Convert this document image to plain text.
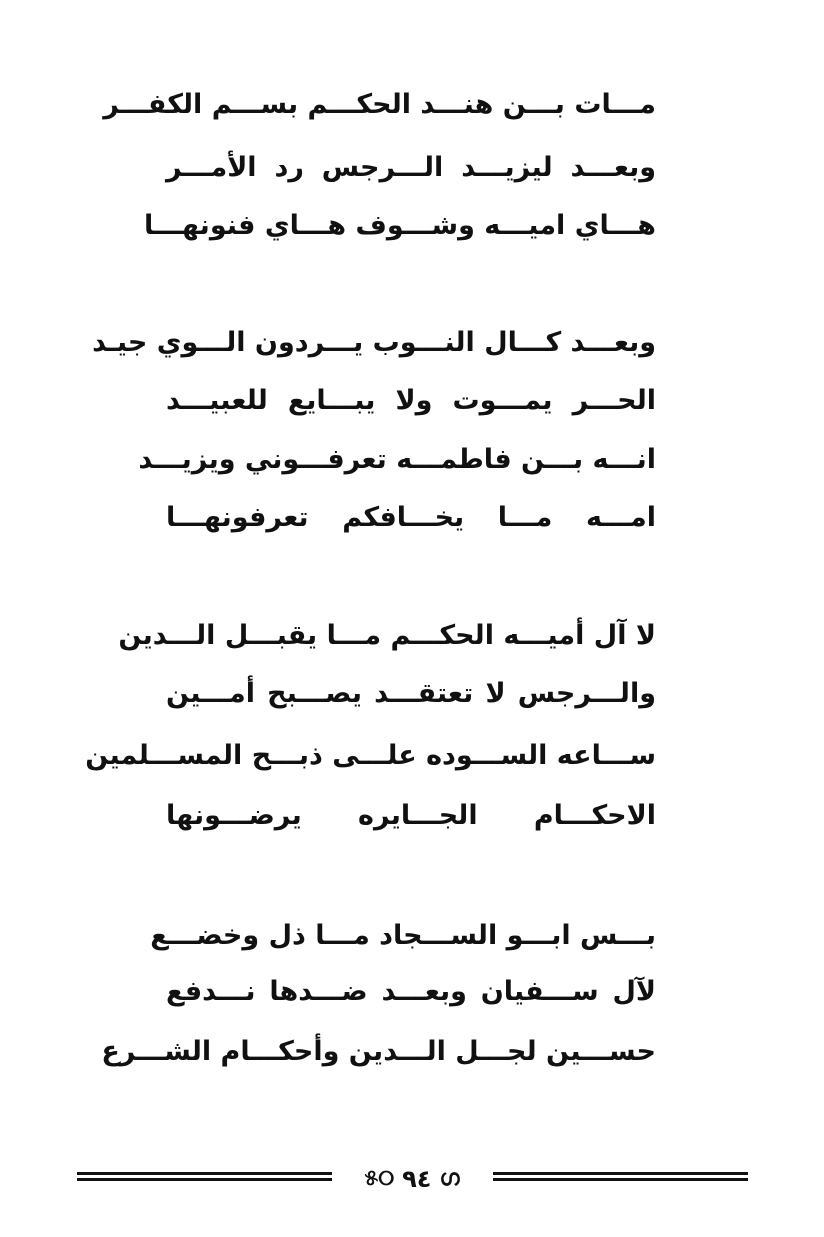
مـــات بـــن هنـــد الحكـــم بســـم الكفـــر
وبعـــد ليزيـــد الـــرجس رد الأمـــر
هـــاي اميـــه وشـــوف هـــاي فنونهـــا
وبعـــد كـــال النـــوب يـــردون الـــوي جيـد
الحـــر يمـــوت ولا يبـــايع للعبيـــد
انـــه بـــن فاطمـــه تعرفـــوني ويزيـــد
امـــه مـــا يخـــافكم تعرفونهـــا
لا آل أميـــه الحكـــم مـــا يقبـــل الـــدين
والـــرجس لا تعتقـــد يصـــبح أمـــين
ســـاعه الســـوده علـــى ذبـــح المســـلمين
الاحكـــام الجـــايره يرضـــونها
بـــس ابـــو الســـجاد مـــا ذل وخضـــع
لآل ســـفيان وبعـــد ضـــدها نـــدفع
حســـين لجـــل الـــدين وأحكـــام الشـــرع
୫୦ ٩٤ ഗ
